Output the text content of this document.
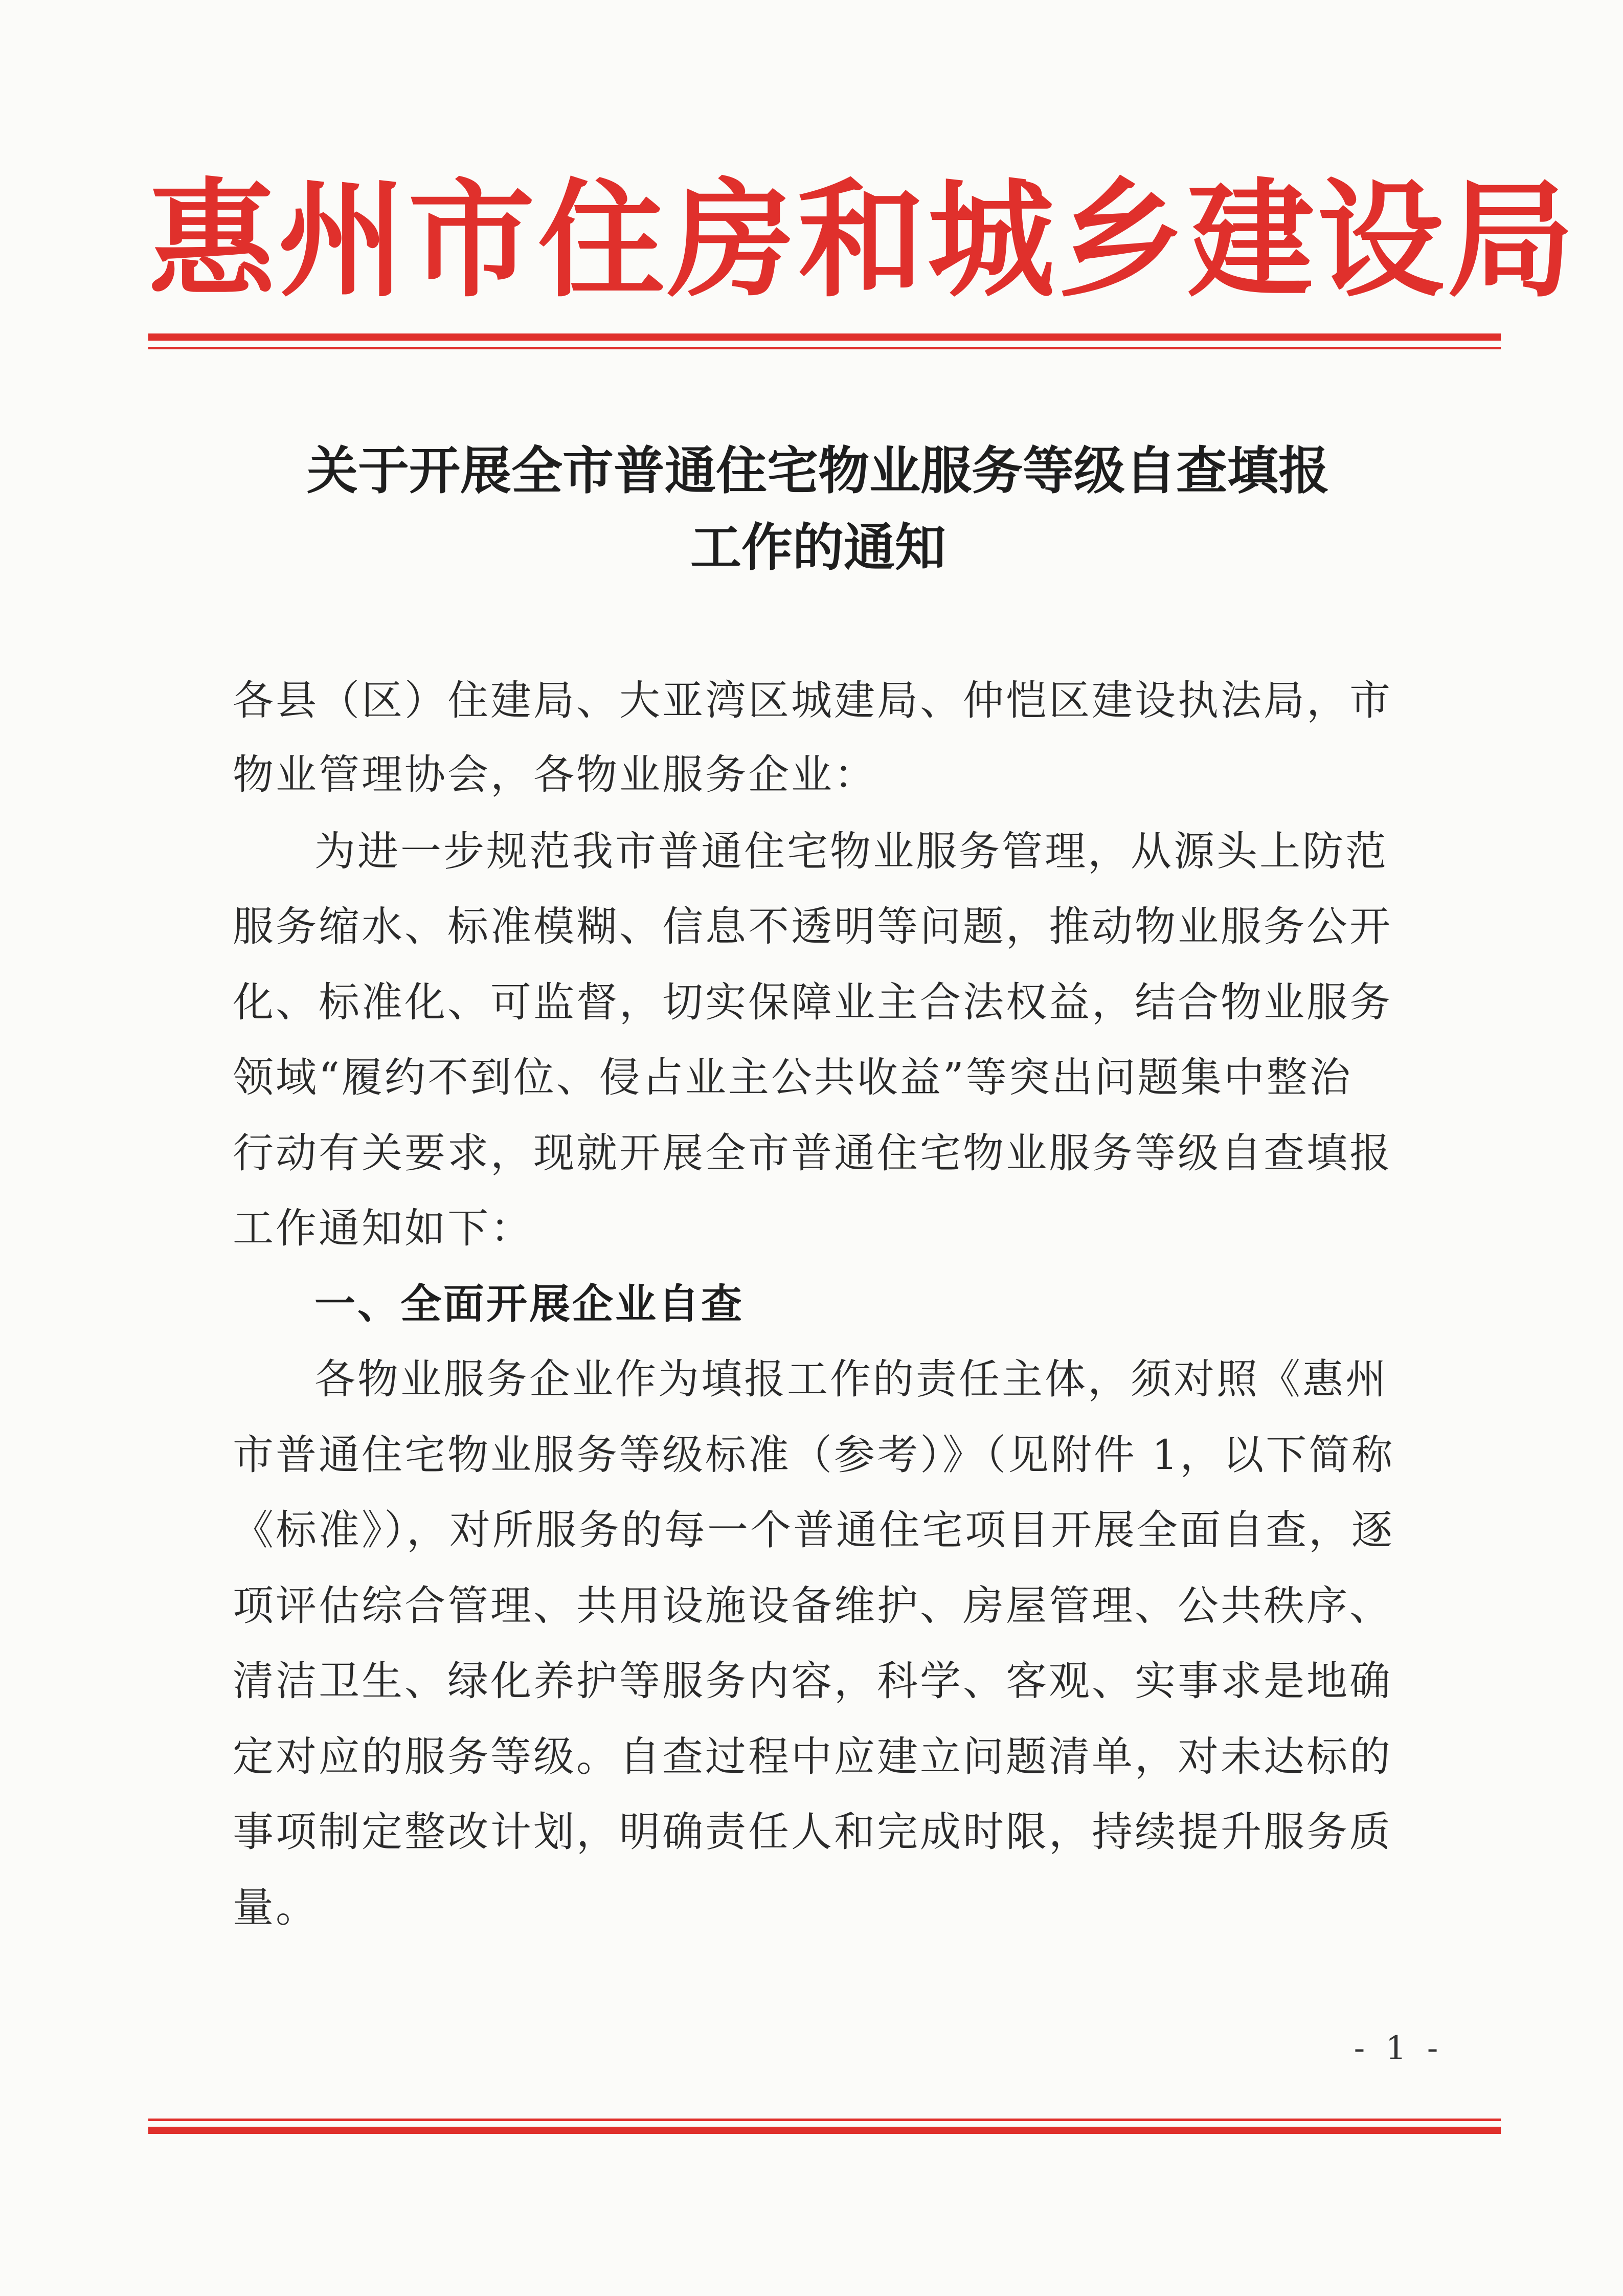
惠州市住房和城乡建设局
关于开展全市普通住宅物业服务等级自查填报
工作的通知
各县（区）住建局、大亚湾区城建局、仲恺区建设执法局，市
物业管理协会，各物业服务企业：
为进一步规范我市普通住宅物业服务管理，从源头上防范
服务缩水、标准模糊、信息不透明等问题，推动物业服务公开
化、标准化、可监督，切实保障业主合法权益，结合物业服务
领域“履约不到位、侵占业主公共收益”等突出问题集中整治
行动有关要求，现就开展全市普通住宅物业服务等级自查填报
工作通知如下：
一、全面开展企业自查
各物业服务企业作为填报工作的责任主体，须对照《惠州
市普通住宅物业服务等级标准（参考）》（见附件 1，以下简称
《标准》），对所服务的每一个普通住宅项目开展全面自查，逐
项评估综合管理、共用设施设备维护、房屋管理、公共秩序、
清洁卫生、绿化养护等服务内容，科学、客观、实事求是地确
定对应的服务等级。自查过程中应建立问题清单，对未达标的
事项制定整改计划，明确责任人和完成时限，持续提升服务质
量。
- 1 -
